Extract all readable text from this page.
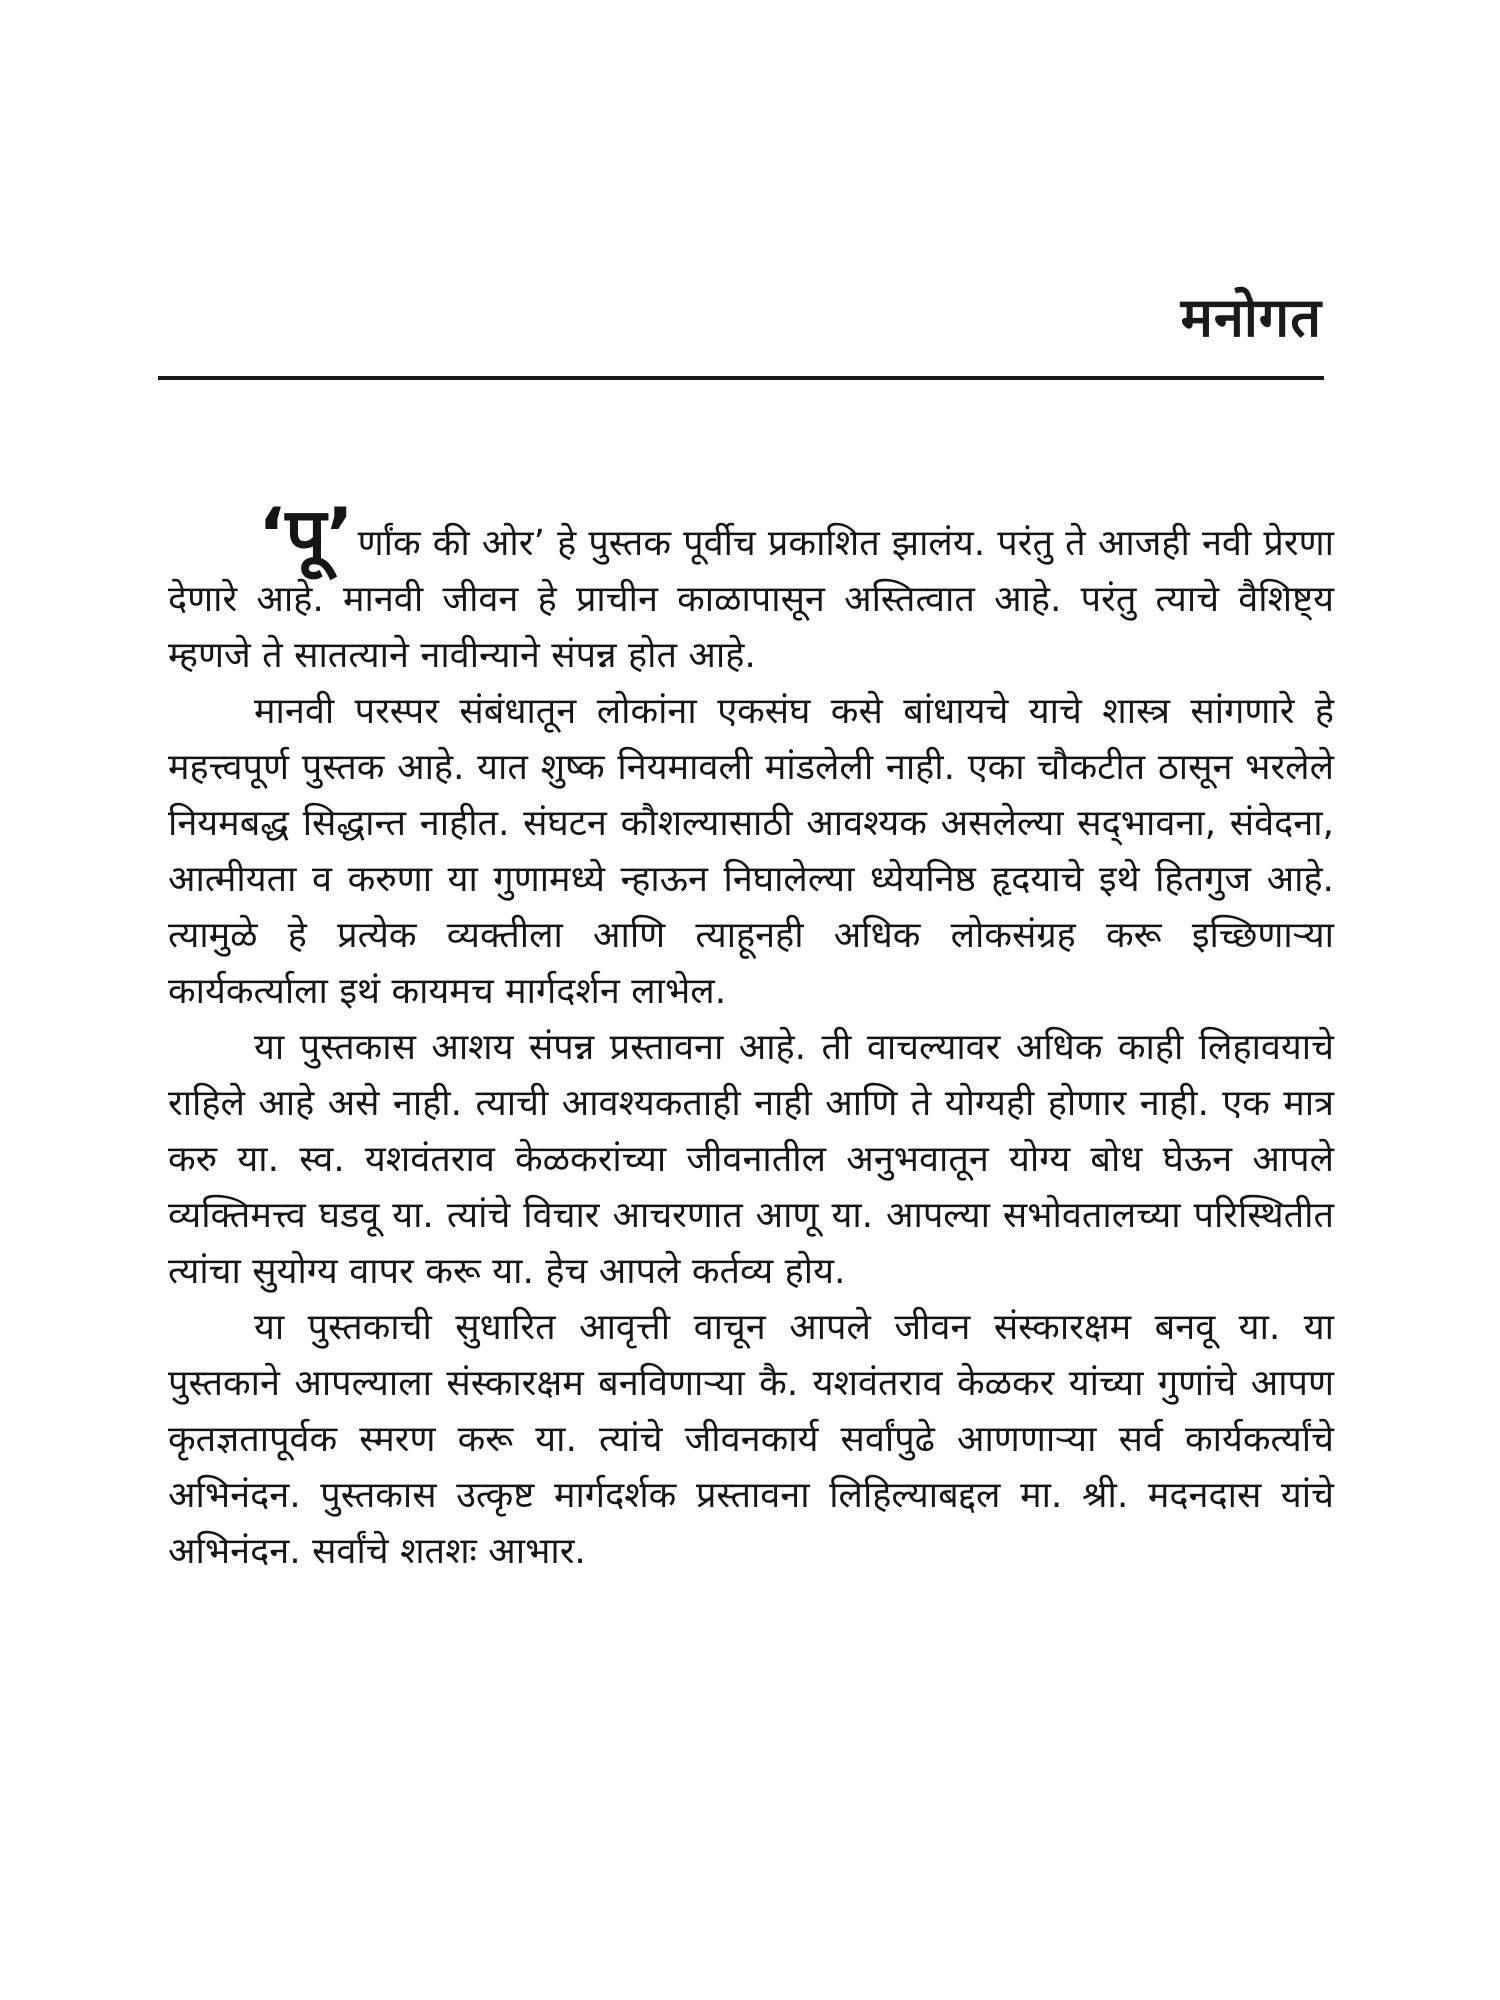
मनोगत

‘पू’ र्णांक की ओर’ हे पुस्तक पूर्वीच प्रकाशित झालंय. परंतु ते आजही नवी प्रेरणा देणारे आहे. मानवी जीवन हे प्राचीन काळापासून अस्तित्वात आहे. परंतु त्याचे वैशिष्ट्य म्हणजे ते सातत्याने नावीन्याने संपन्न होत आहे.

मानवी परस्पर संबंधातून लोकांना एकसंघ कसे बांधायचे याचे शास्त्र सांगणारे हे महत्त्वपूर्ण पुस्तक आहे. यात शुष्क नियमावली मांडलेली नाही. एका चौकटीत ठासून भरलेले नियमबद्ध सिद्धान्त नाहीत. संघटन कौशल्यासाठी आवश्यक असलेल्या सद्‌भावना, संवेदना, आत्मीयता व करुणा या गुणामध्ये न्हाऊन निघालेल्या ध्येयनिष्ठ हृदयाचे इथे हितगुज आहे. त्यामुळे हे प्रत्येक व्यक्तीला आणि त्याहूनही अधिक लोकसंग्रह करू इच्छिणाऱ्या कार्यकर्त्याला इथं कायमच मार्गदर्शन लाभेल.

या पुस्तकास आशय संपन्न प्रस्तावना आहे. ती वाचल्यावर अधिक काही लिहावयाचे राहिले आहे असे नाही. त्याची आवश्यकताही नाही आणि ते योग्यही होणार नाही. एक मात्र करु या. स्व. यशवंतराव केळकरांच्या जीवनातील अनुभवातून योग्य बोध घेऊन आपले व्यक्तिमत्त्व घडवू या. त्यांचे विचार आचरणात आणू या. आपल्या सभोवतालच्या परिस्थितीत त्यांचा सुयोग्य वापर करू या. हेच आपले कर्तव्य होय.

या पुस्तकाची सुधारित आवृत्ती वाचून आपले जीवन संस्कारक्षम बनवू या. या पुस्तकाने आपल्याला संस्कारक्षम बनविणाऱ्या कै. यशवंतराव केळकर यांच्या गुणांचे आपण कृतज्ञतापूर्वक स्मरण करू या. त्यांचे जीवनकार्य सर्वांपुढे आणणाऱ्या सर्व कार्यकर्त्यांचे अभिनंदन. पुस्तकास उत्कृष्ट मार्गदर्शक प्रस्तावना लिहिल्याबद्दल मा. श्री. मदनदास यांचे अभिनंदन. सर्वांचे शतशः आभार.
